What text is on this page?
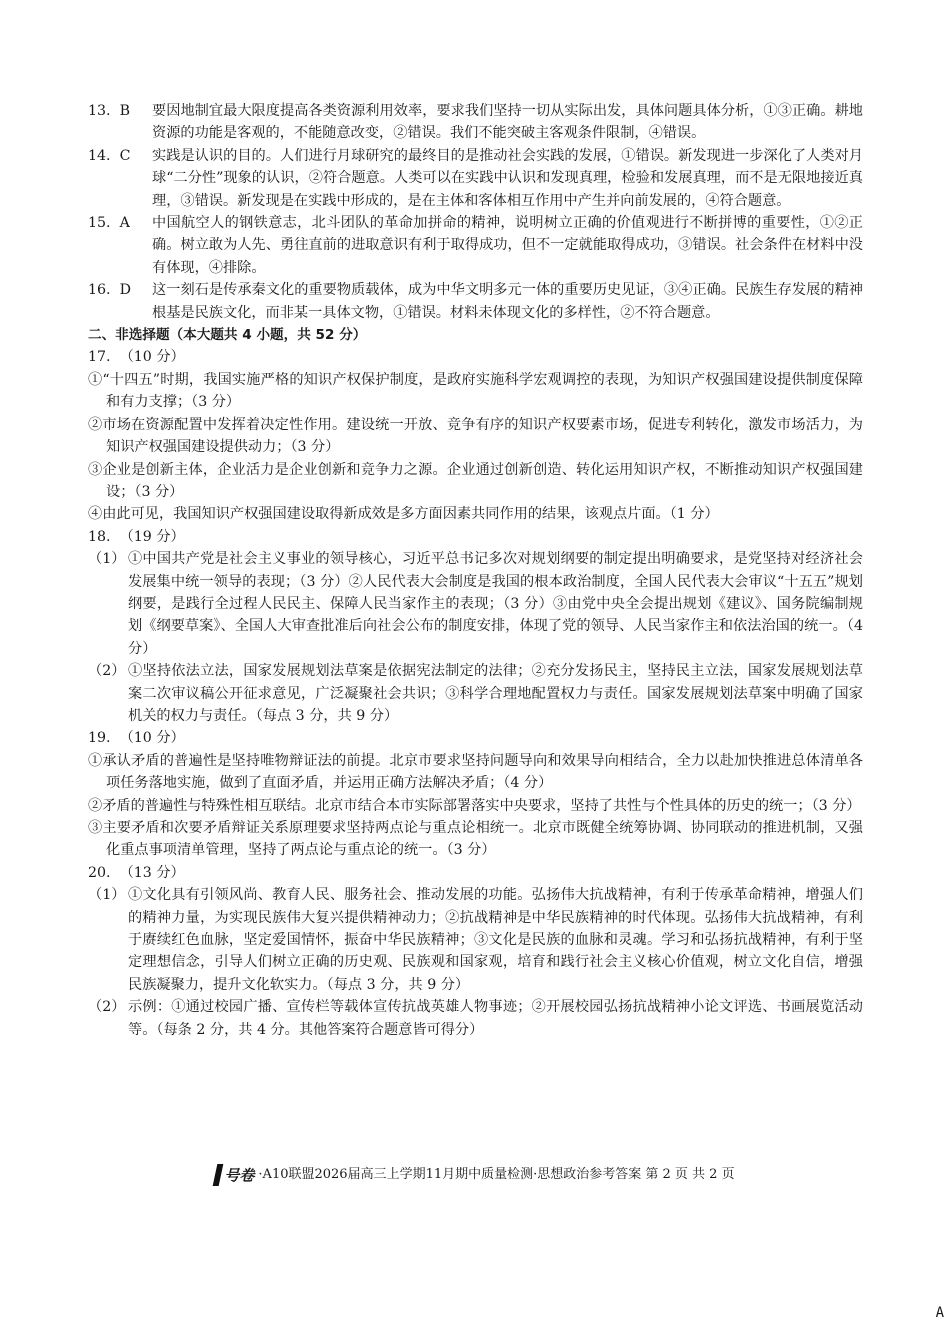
13.  B	要因地制宜最大限度提高各类资源利用效率，要求我们坚持一切从实际出发，具体问题具体分析，①③正确。耕地资源的功能是客观的，不能随意改变，②错误。我们不能突破主客观条件限制，④错误。
14.  C	实践是认识的目的。人们进行月球研究的最终目的是推动社会实践的发展，①错误。新发现进一步深化了人类对月球“二分性”现象的认识，②符合题意。人类可以在实践中认识和发现真理，检验和发展真理，而不是无限地接近真理，③错误。新发现是在实践中形成的，是在主体和客体相互作用中产生并向前发展的，④符合题意。
15.  A	中国航空人的钢铁意志，北斗团队的革命加拼命的精神，说明树立正确的价值观进行不断拼博的重要性，①②正确。树立敢为人先、勇往直前的进取意识有利于取得成功，但不一定就能取得成功，③错误。社会条件在材料中没有体现，④排除。
16.  D	这一刻石是传承秦文化的重要物质载体，成为中华文明多元一体的重要历史见证，③④正确。民族生存发展的精神根基是民族文化，而非某一具体文物，①错误。材料未体现文化的多样性，②不符合题意。
二、非选择题（本大题共 4 小题，共 52 分）
17.  （10 分）
①“十四五”时期，我国实施严格的知识产权保护制度，是政府实施科学宏观调控的表现，为知识产权强国建设提供制度保障和有力支撑；（3 分）
②市场在资源配置中发挥着决定性作用。建设统一开放、竞争有序的知识产权要素市场，促进专利转化，激发市场活力，为知识产权强国建设提供动力；（3 分）
③企业是创新主体，企业活力是企业创新和竞争力之源。企业通过创新创造、转化运用知识产权，不断推动知识产权强国建设；（3 分）
④由此可见，我国知识产权强国建设取得新成效是多方面因素共同作用的结果，该观点片面。（1 分）
18.  （19 分）
（1） ①中国共产党是社会主义事业的领导核心，习近平总书记多次对规划纲要的制定提出明确要求，是党坚持对经济社会发展集中统一领导的表现；（3 分）②人民代表大会制度是我国的根本政治制度，全国人民代表大会审议“十五五”规划纲要，是践行全过程人民民主、保障人民当家作主的表现；（3 分）③由党中央全会提出规划《建议》、国务院编制规划《纲要草案》、全国人大审查批准后向社会公布的制度安排，体现了党的领导、人民当家作主和依法治国的统一。（4 分）
（2） ①坚持依法立法，国家发展规划法草案是依据宪法制定的法律；②充分发扬民主，坚持民主立法，国家发展规划法草案二次审议稿公开征求意见，广泛凝聚社会共识；③科学合理地配置权力与责任。国家发展规划法草案中明确了国家机关的权力与责任。（每点 3 分，共 9 分）
19.  （10 分）
①承认矛盾的普遍性是坚持唯物辩证法的前提。北京市要求坚持问题导向和效果导向相结合，全力以赴加快推进总体清单各项任务落地实施，做到了直面矛盾，并运用正确方法解决矛盾；（4 分）
②矛盾的普遍性与特殊性相互联结。北京市结合本市实际部署落实中央要求，坚持了共性与个性具体的历史的统一；（3 分）
③主要矛盾和次要矛盾辩证关系原理要求坚持两点论与重点论相统一。北京市既健全统筹协调、协同联动的推进机制，又强化重点事项清单管理，坚持了两点论与重点论的统一。（3 分）
20.  （13 分）
（1） ①文化具有引领风尚、教育人民、服务社会、推动发展的功能。弘扬伟大抗战精神，有利于传承革命精神，增强人们的精神力量，为实现民族伟大复兴提供精神动力；②抗战精神是中华民族精神的时代体现。弘扬伟大抗战精神，有利于赓续红色血脉，坚定爱国情怀，振奋中华民族精神；③文化是民族的血脉和灵魂。学习和弘扬抗战精神，有利于坚定理想信念，引导人们树立正确的历史观、民族观和国家观，培育和践行社会主义核心价值观，树立文化自信，增强民族凝聚力，提升文化软实力。（每点 3 分，共 9 分）
（2） 示例：①通过校园广播、宣传栏等载体宣传抗战英雄人物事迹；②开展校园弘扬抗战精神小论文评选、书画展览活动等。（每条 2 分，共 4 分。其他答案符合题意皆可得分）
号卷 ·A10联盟2026届高三上学期11月期中质量检测·思想政治参考答案 第 2 页 共 2 页
A
